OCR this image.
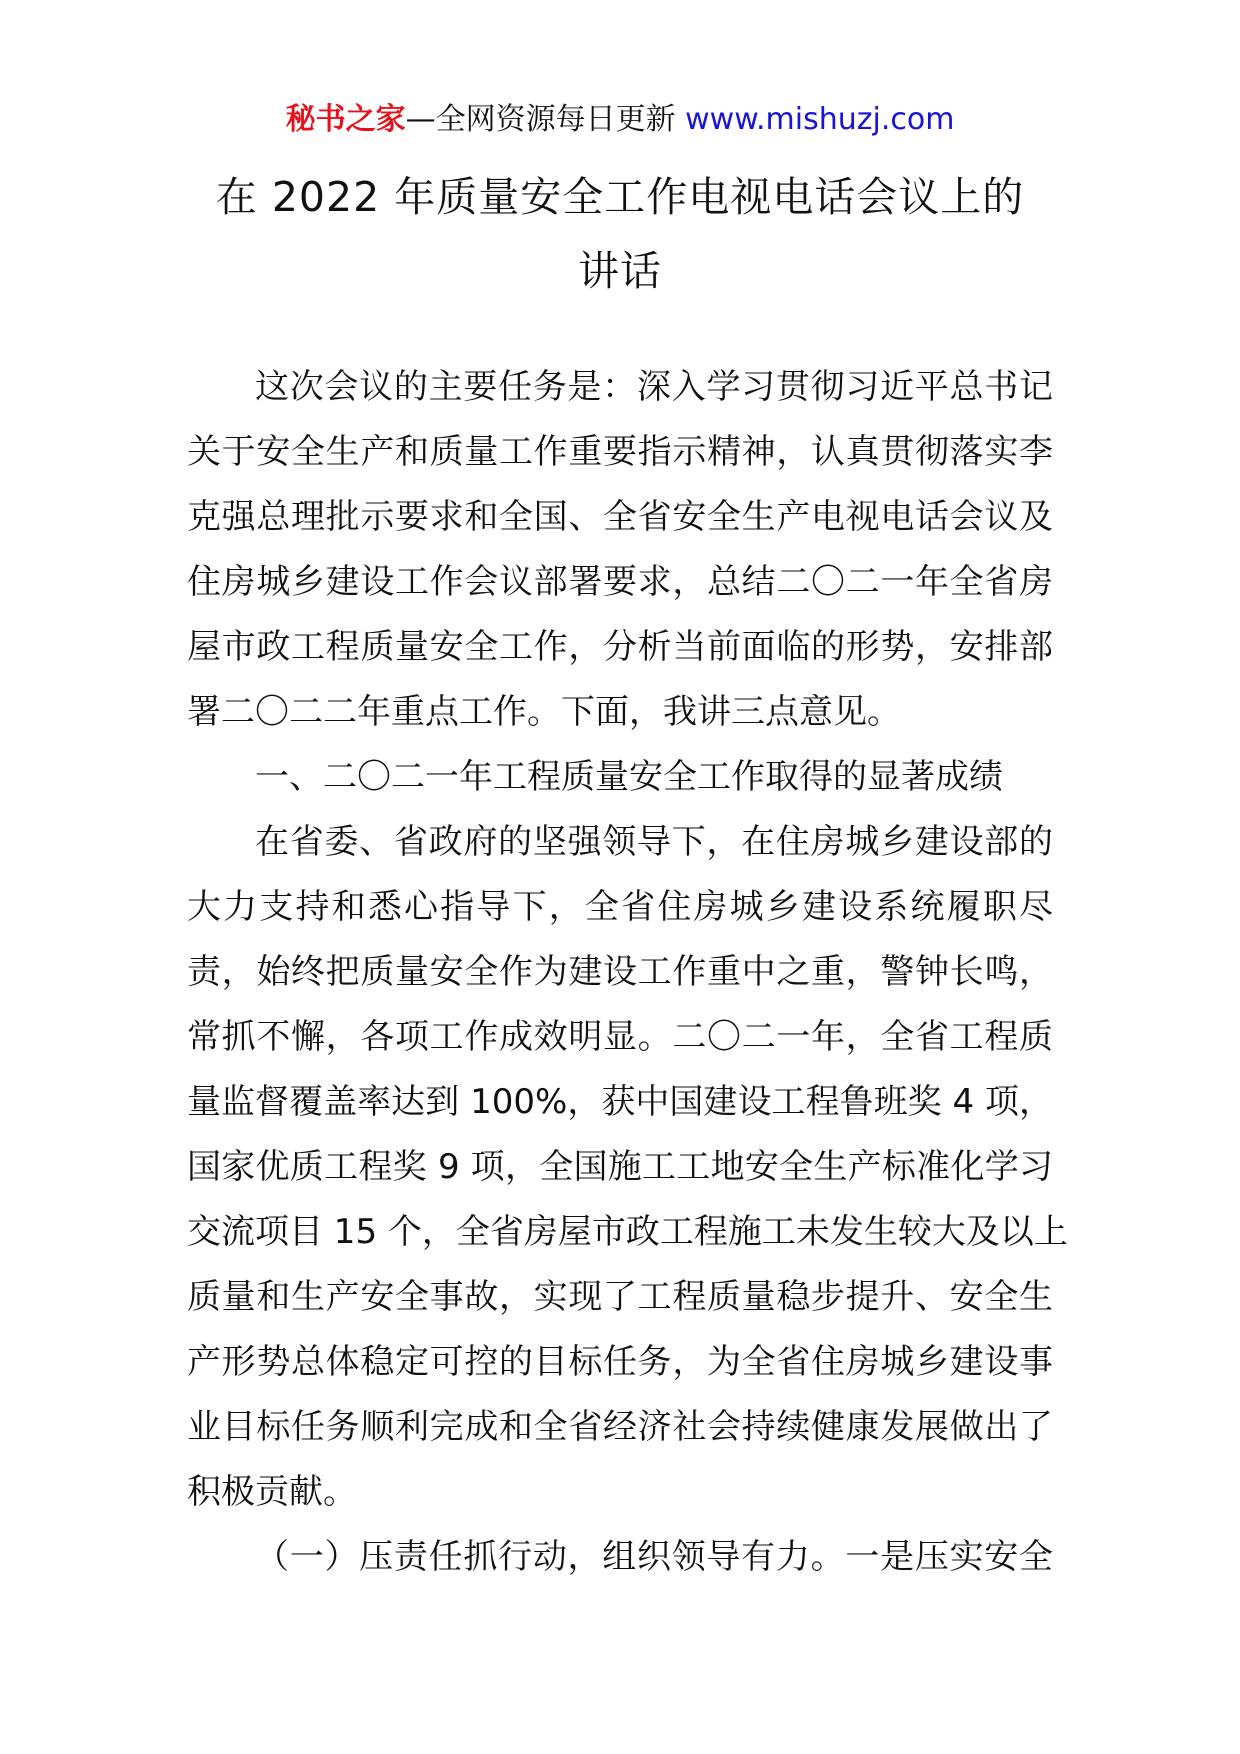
秘书之家—全网资源每日更新 www.mishuzj.com
在 2022 年质量安全工作电视电话会议上的
讲话
这次会议的主要任务是：深入学习贯彻习近平总书记
关于安全生产和质量工作重要指示精神，认真贯彻落实李
克强总理批示要求和全国、全省安全生产电视电话会议及
住房城乡建设工作会议部署要求，总结二〇二一年全省房
屋市政工程质量安全工作，分析当前面临的形势，安排部
署二〇二二年重点工作。下面，我讲三点意见。
一、二〇二一年工程质量安全工作取得的显著成绩
在省委、省政府的坚强领导下，在住房城乡建设部的
大力支持和悉心指导下，全省住房城乡建设系统履职尽
责，始终把质量安全作为建设工作重中之重，警钟长鸣，
常抓不懈，各项工作成效明显。二〇二一年，全省工程质
量监督覆盖率达到 100%，获中国建设工程鲁班奖 4 项，
国家优质工程奖 9 项，全国施工工地安全生产标准化学习
交流项目 15 个，全省房屋市政工程施工未发生较大及以上
质量和生产安全事故，实现了工程质量稳步提升、安全生
产形势总体稳定可控的目标任务，为全省住房城乡建设事
业目标任务顺利完成和全省经济社会持续健康发展做出了
积极贡献。
（一）压责任抓行动，组织领导有力。一是压实安全
